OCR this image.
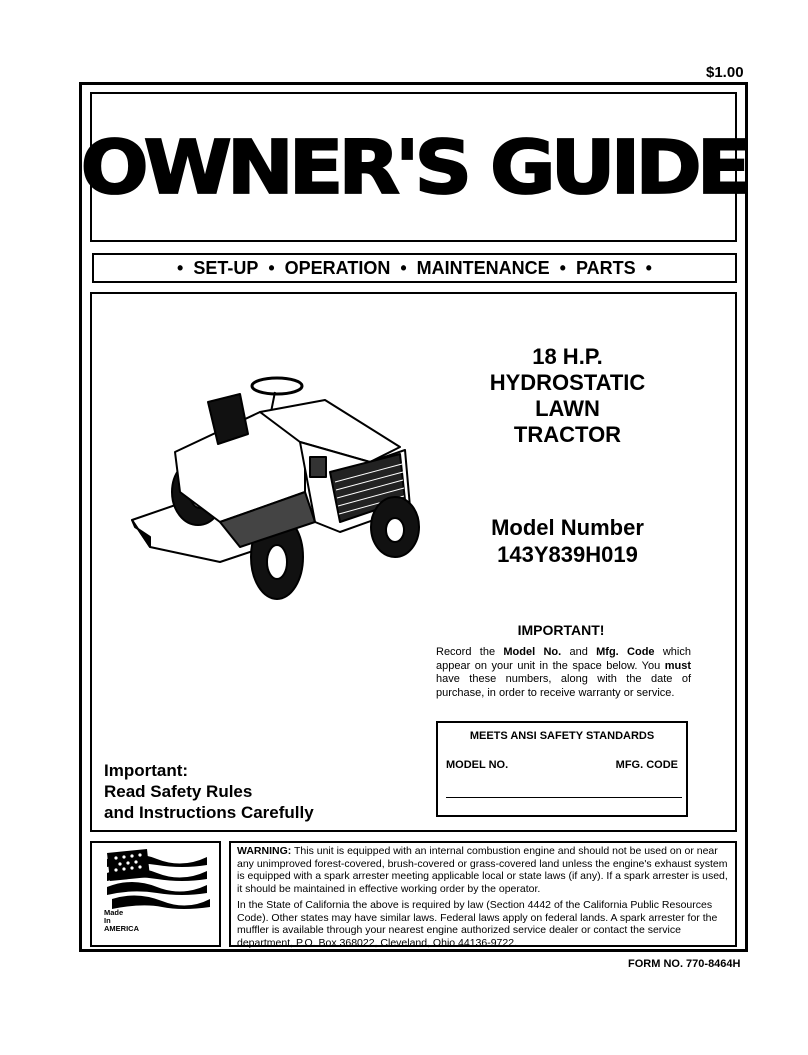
$1.00
OWNER'S GUIDE
• SET-UP • OPERATION • MAINTENANCE • PARTS •
18 H.P.
HYDROSTATIC
LAWN
TRACTOR
Model Number
143Y839H019
IMPORTANT!
Record the Model No. and Mfg. Code which appear on your unit in the space below. You must have these numbers, along with the date of purchase, in order to receive warranty or service.
MEETS ANSI SAFETY STANDARDS
MODEL NO.	MFG. CODE
Important:
Read Safety Rules
and Instructions Carefully
Made
In
AMERICA

WARNING: This unit is equipped with an internal combustion engine and should not be used on or near any unimproved forest-covered, brush-covered or grass-covered land unless the engine's exhaust system is equipped with a spark arrester meeting applicable local or state laws (if any). If a spark arrester is used, it should be maintained in effective working order by the operator.

In the State of California the above is required by law (Section 4442 of the California Public Resources Code). Other states may have similar laws. Federal laws apply on federal lands. A spark arrester for the muffler is available through your nearest engine authorized service dealer or contact the service department, P.O. Box 368022, Cleveland, Ohio 44136-9722.

FORM NO. 770-8464H
